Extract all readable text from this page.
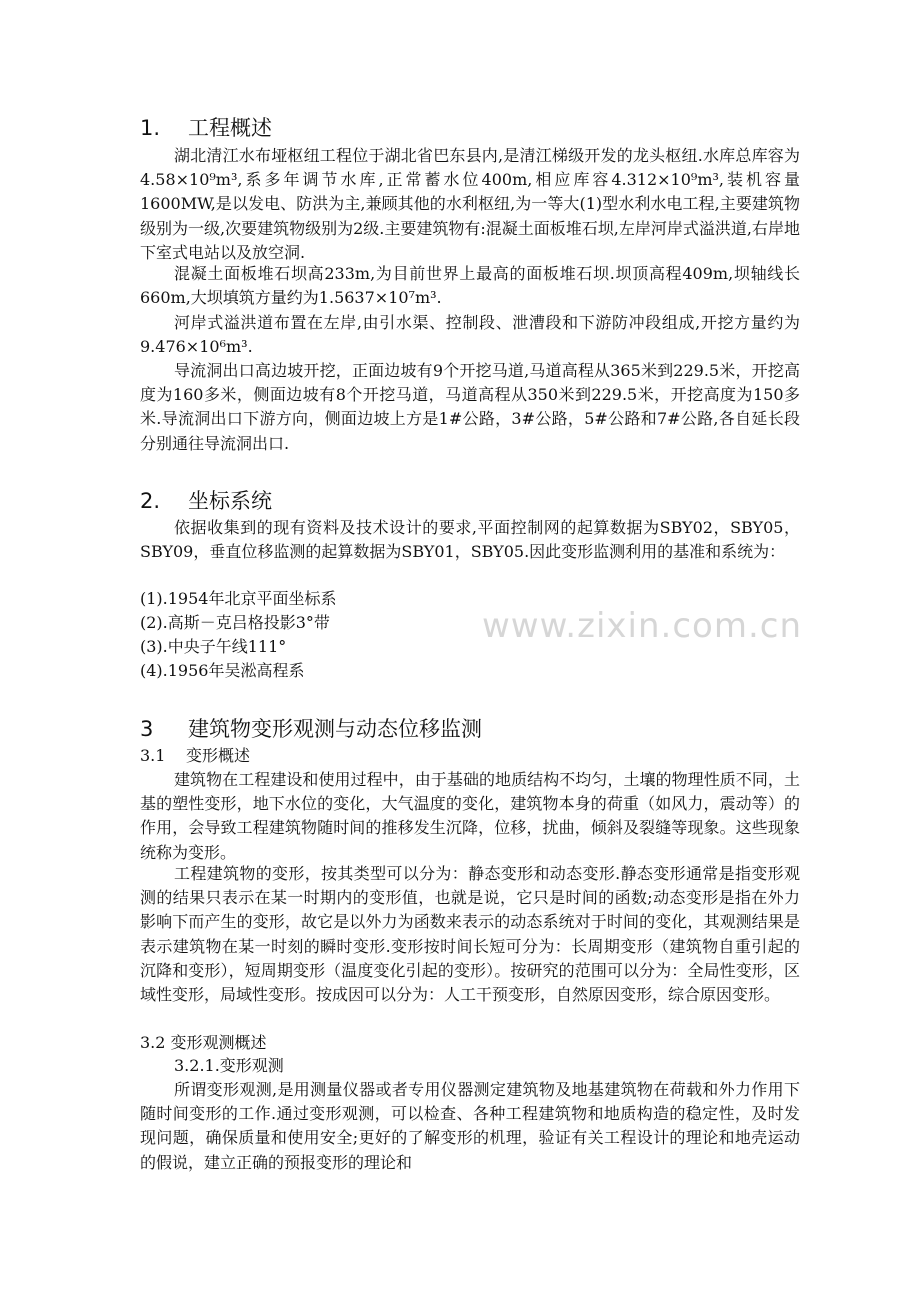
1. 工程概述

湖北清江水布垭枢纽工程位于湖北省巴东县内,是清江梯级开发的龙头枢纽.水库总库容为4.58×10⁹m³,系多年调节水库,正常蓄水位400m,相应库容4.312×10⁹m³,装机容量1600MW,是以发电、防洪为主,兼顾其他的水利枢纽,为一等大(1)型水利水电工程,主要建筑物级别为一级,次要建筑物级别为2级.主要建筑物有:混凝土面板堆石坝,左岸河岸式溢洪道,右岸地下室式电站以及放空洞.

混凝土面板堆石坝高233m,为目前世界上最高的面板堆石坝.坝顶高程409m,坝轴线长660m,大坝填筑方量约为1.5637×10⁷m³.

河岸式溢洪道布置在左岸,由引水渠、控制段、泄漕段和下游防冲段组成,开挖方量约为9.476×10⁶m³.

导流洞出口高边坡开挖，正面边坡有9个开挖马道,马道高程从365米到229.5米，开挖高度为160多米，侧面边坡有8个开挖马道，马道高程从350米到229.5米，开挖高度为150多米.导流洞出口下游方向，侧面边坡上方是1#公路，3#公路，5#公路和7#公路,各自延长段分别通往导流洞出口.

2. 坐标系统

依据收集到的现有资料及技术设计的要求,平面控制网的起算数据为SBY02，SBY05，SBY09，垂直位移监测的起算数据为SBY01，SBY05.因此变形监测利用的基准和系统为：

(1).1954年北京平面坐标系

(2).高斯－克吕格投影3°带

(3).中央子午线111°

(4).1956年吴淞高程系

3 建筑物变形观测与动态位移监测

3.1 变形概述

建筑物在工程建设和使用过程中，由于基础的地质结构不均匀，土壤的物理性质不同，土基的塑性变形，地下水位的变化，大气温度的变化，建筑物本身的荷重（如风力，震动等）的作用，会导致工程建筑物随时间的推移发生沉降，位移，扰曲，倾斜及裂缝等现象。这些现象统称为变形。

工程建筑物的变形，按其类型可以分为：静态变形和动态变形.静态变形通常是指变形观测的结果只表示在某一时期内的变形值，也就是说，它只是时间的函数;动态变形是指在外力影响下而产生的变形，故它是以外力为函数来表示的动态系统对于时间的变化，其观测结果是表示建筑物在某一时刻的瞬时变形.变形按时间长短可分为：长周期变形（建筑物自重引起的沉降和变形），短周期变形（温度变化引起的变形）。按研究的范围可以分为：全局性变形，区域性变形，局域性变形。按成因可以分为：人工干预变形，自然原因变形，综合原因变形。

3.2 变形观测概述

3.2.1.变形观测

所谓变形观测,是用测量仪器或者专用仪器测定建筑物及地基建筑物在荷载和外力作用下随时间变形的工作.通过变形观测，可以检查、各种工程建筑物和地质构造的稳定性，及时发现问题，确保质量和使用安全;更好的了解变形的机理，验证有关工程设计的理论和地壳运动的假说，建立正确的预报变形的理论和

www.zixin.com.cn
